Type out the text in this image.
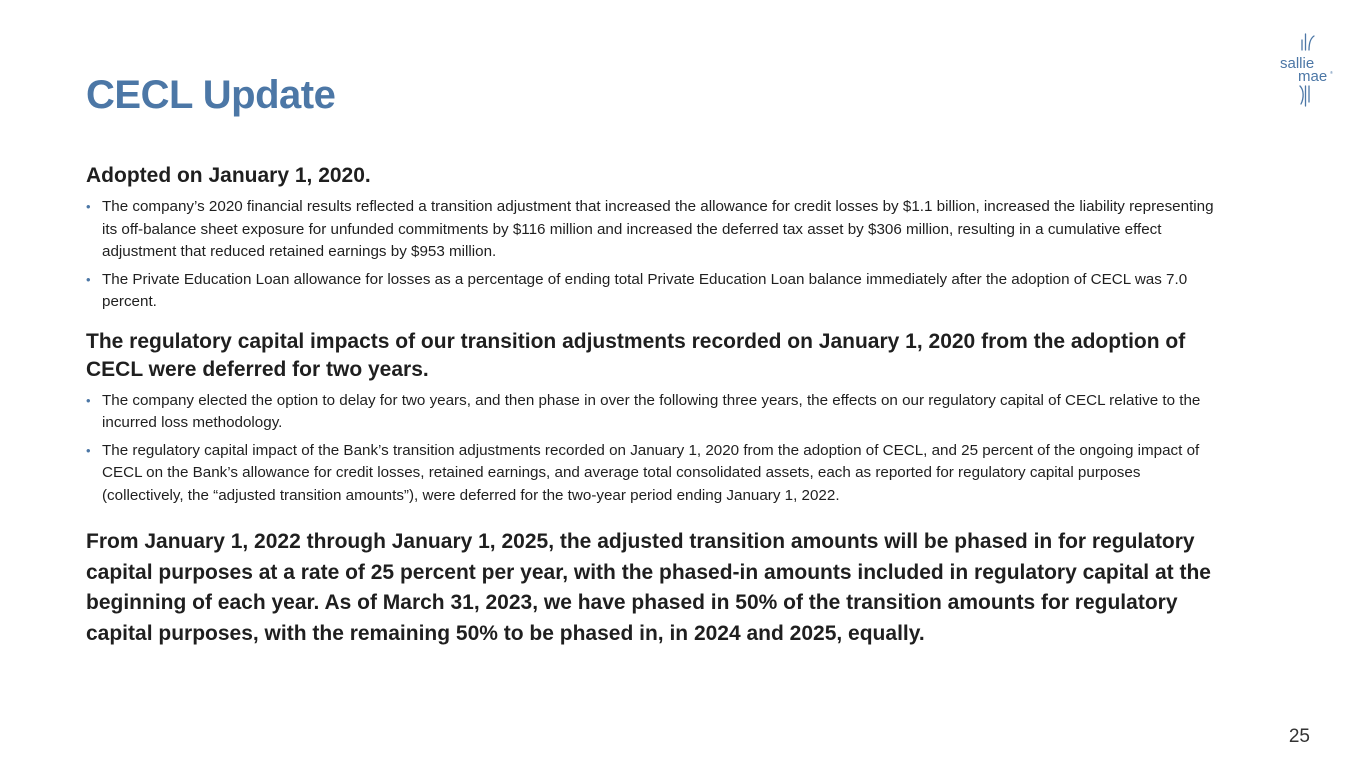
CECL Update
sallie
mae ®
Adopted on January 1, 2020.
• The company’s 2020 financial results reflected a transition adjustment that increased the allowance for credit losses by $1.1 billion, increased the liability representing its off-balance sheet exposure for unfunded commitments by $116 million and increased the deferred tax asset by $306 million, resulting in a cumulative effect adjustment that reduced retained earnings by $953 million.
• The Private Education Loan allowance for losses as a percentage of ending total Private Education Loan balance immediately after the adoption of CECL was 7.0 percent.
The regulatory capital impacts of our transition adjustments recorded on January 1, 2020 from the adoption of CECL were deferred for two years.
• The company elected the option to delay for two years, and then phase in over the following three years, the effects on our regulatory capital of CECL relative to the incurred loss methodology.
• The regulatory capital impact of the Bank’s transition adjustments recorded on January 1, 2020 from the adoption of CECL, and 25 percent of the ongoing impact of CECL on the Bank’s allowance for credit losses, retained earnings, and average total consolidated assets, each as reported for regulatory capital purposes (collectively, the “adjusted transition amounts”), were deferred for the two-year period ending January 1, 2022.

From January 1, 2022 through January 1, 2025, the adjusted transition amounts will be phased in for regulatory capital purposes at a rate of 25 percent per year, with the phased-in amounts included in regulatory capital at the beginning of each year. As of March 31, 2023, we have phased in 50% of the transition amounts for regulatory capital purposes, with the remaining 50% to be phased in, in 2024 and 2025, equally.

25
